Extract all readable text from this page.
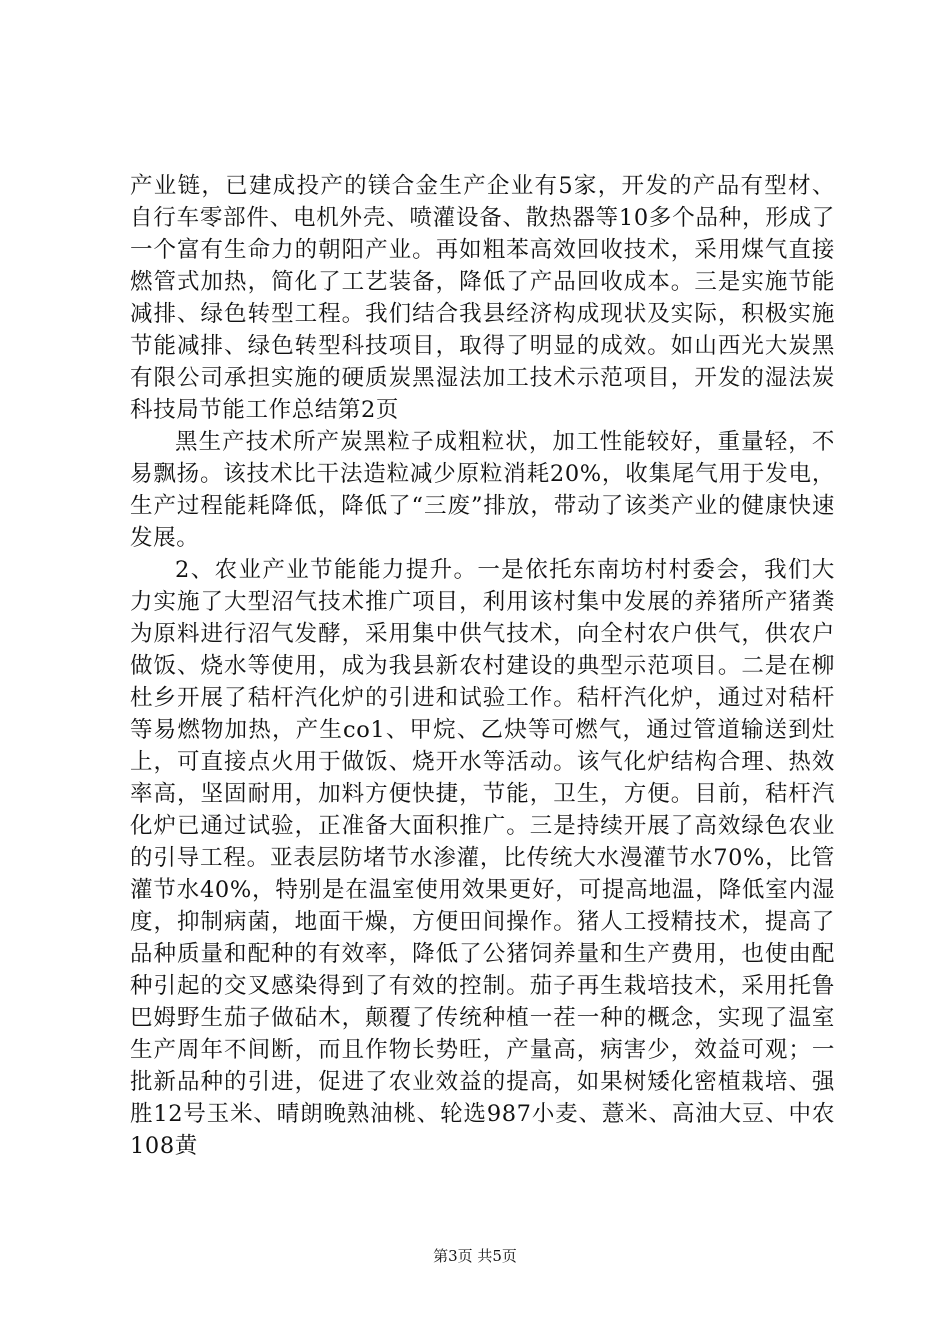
产业链，已建成投产的镁合金生产企业有5家，开发的产品有型材、自行车零部件、电机外壳、喷灌设备、散热器等10多个品种，形成了一个富有生命力的朝阳产业。再如粗苯高效回收技术，采用煤气直接燃管式加热，简化了工艺装备，降低了产品回收成本。三是实施节能减排、绿色转型工程。我们结合我县经济构成现状及实际，积极实施节能减排、绿色转型科技项目，取得了明显的成效。如山西光大炭黑有限公司承担实施的硬质炭黑湿法加工技术示范项目，开发的湿法炭科技局节能工作总结第2页

黑生产技术所产炭黑粒子成粗粒状，加工性能较好，重量轻，不易飘扬。该技术比干法造粒减少原粒消耗20%，收集尾气用于发电，生产过程能耗降低，降低了“三废”排放，带动了该类产业的健康快速发展。

2、农业产业节能能力提升。一是依托东南坊村村委会，我们大力实施了大型沼气技术推广项目，利用该村集中发展的养猪所产猪粪为原料进行沼气发酵，采用集中供气技术，向全村农户供气，供农户做饭、烧水等使用，成为我县新农村建设的典型示范项目。二是在柳杜乡开展了秸杆汽化炉的引进和试验工作。秸杆汽化炉，通过对秸杆等易燃物加热，产生co1、甲烷、乙炔等可燃气，通过管道输送到灶上，可直接点火用于做饭、烧开水等活动。该气化炉结构合理、热效率高，坚固耐用，加料方便快捷，节能，卫生，方便。目前，秸杆汽化炉已通过试验，正准备大面积推广。三是持续开展了高效绿色农业的引导工程。亚表层防堵节水渗灌，比传统大水漫灌节水70%，比管灌节水40%，特别是在温室使用效果更好，可提高地温，降低室内湿度，抑制病菌，地面干燥，方便田间操作。猪人工授精技术，提高了品种质量和配种的有效率，降低了公猪饲养量和生产费用，也使由配种引起的交叉感染得到了有效的控制。茄子再生栽培技术，采用托鲁巴姆野生茄子做砧木，颠覆了传统种植一茬一种的概念，实现了温室生产周年不间断，而且作物长势旺，产量高，病害少，效益可观；一批新品种的引进，促进了农业效益的提高，如果树矮化密植栽培、强胜12号玉米、晴朗晚熟油桃、轮选987小麦、薏米、高油大豆、中农108黄

第3页 共5页
